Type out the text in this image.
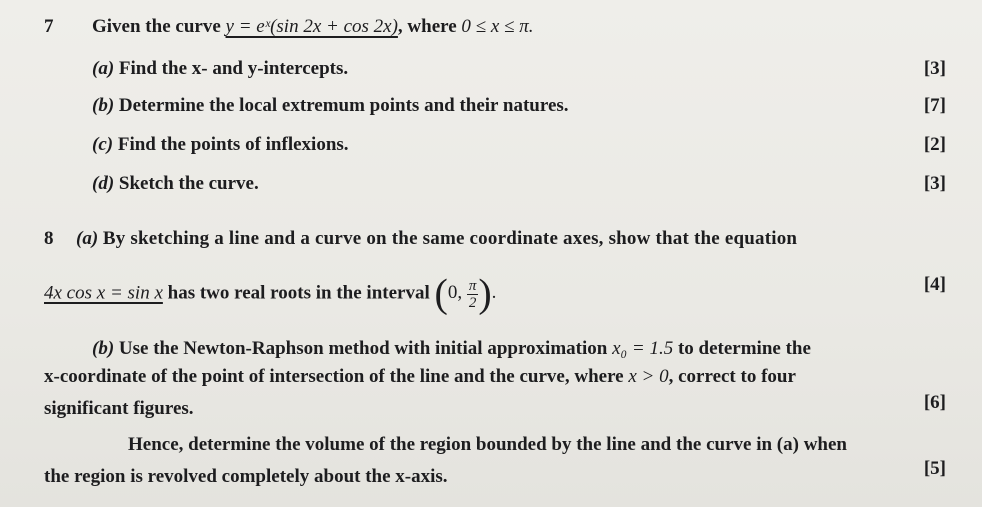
7 Given the curve y = eˣ(sin 2x + cos 2x), where 0 ≤ x ≤ π.
(a) Find the x- and y-intercepts.	[3]
(b) Determine the local extremum points and their natures.	[7]
(c) Find the points of inflexions.	[2]
(d) Sketch the curve.	[3]
8 (a) By sketching a line and a curve on the same coordinate axes, show that the equation
4x cos x = sin x has two real roots in the interval (0, $\frac{\pi}{2}$ ).	[4]
(b) Use the Newton-Raphson method with initial approximation x₀ = 1.5 to determine the
x-coordinate of the point of intersection of the line and the curve, where x > 0, correct to four
significant figures.	[6]
Hence, determine the volume of the region bounded by the line and the curve in (a) when
the region is revolved completely about the x-axis.	[5]
